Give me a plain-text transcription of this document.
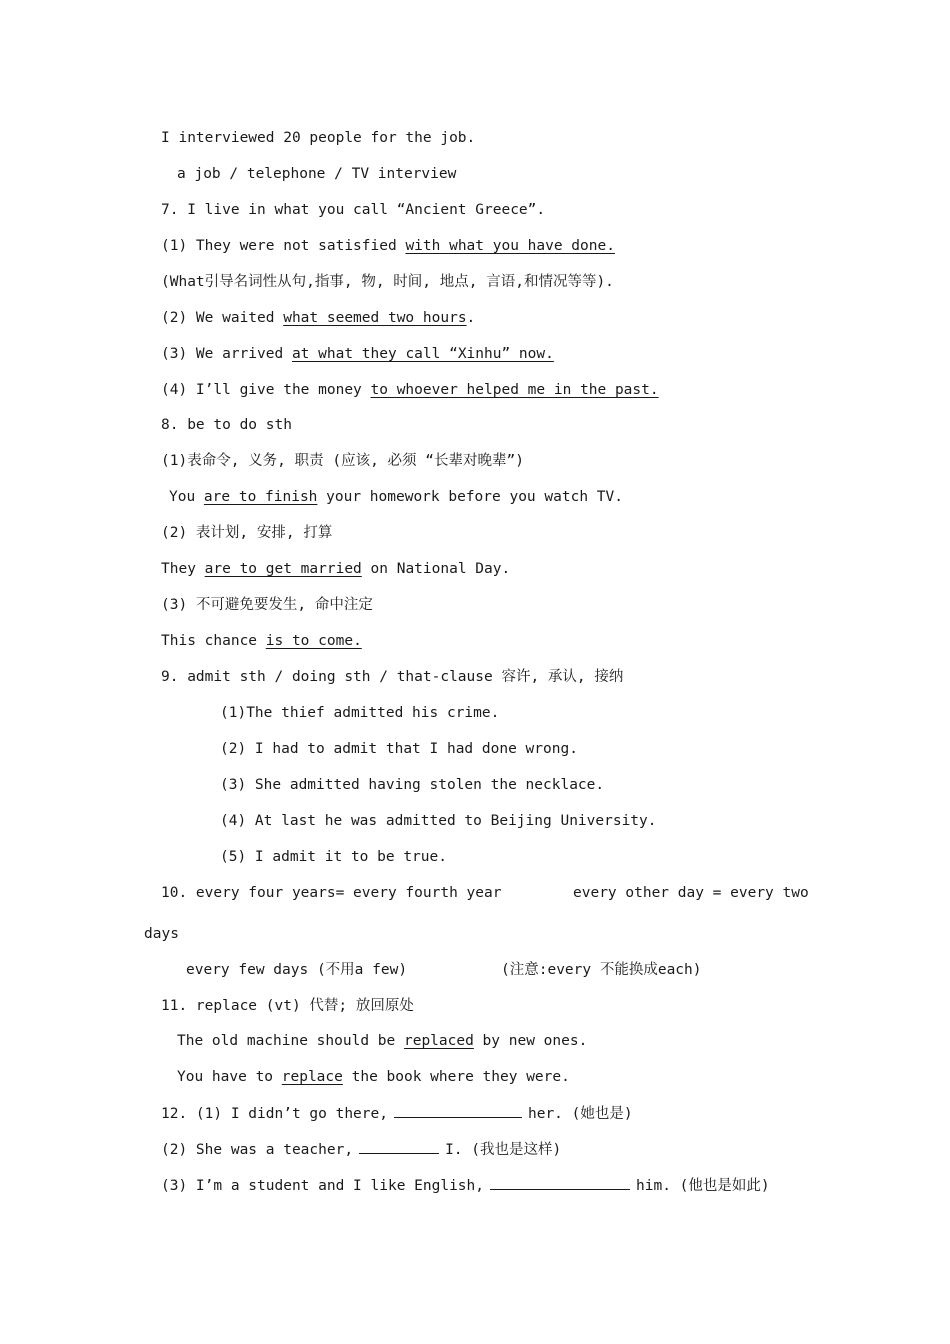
I interviewed 20 people for the job.
a job / telephone / TV interview
7. I live in what you call “Ancient Greece”.
(1) They were not satisfied with what you have done.
(What引导名词性从句,指事, 物, 时间, 地点, 言语,和情况等等).
(2) We waited what seemed two hours.
(3) We arrived at what they call “Xinhu” now.
(4) I’ll give the money to whoever helped me in the past.
8. be to do sth
(1)表命令, 义务, 职责 (应该, 必须 “长辈对晚辈”)
You are to finish your homework before you watch TV.
(2) 表计划, 安排, 打算
They are to get married on National Day.
(3) 不可避免要发生, 命中注定
This chance is to come.
9. admit sth / doing sth / that-clause 容许, 承认, 接纳
(1)The thief admitted his crime.
(2) I had to admit that I had done wrong.
(3) She admitted having stolen the necklace.
(4) At last he was admitted to Beijing University.
(5) I admit it to be true.
10. every four years= every fourth year	every other day = every two
days
every few days (不用a few)	(注意:every 不能换成each)
11. replace (vt) 代替; 放回原处
The old machine should be replaced by new ones.
You have to replace the book where they were.
12. (1) I didn’t go there,	her. (她也是)
(2) She was a teacher,	I. (我也是这样)
(3) I’m a student and I like English,	him. (他也是如此)
